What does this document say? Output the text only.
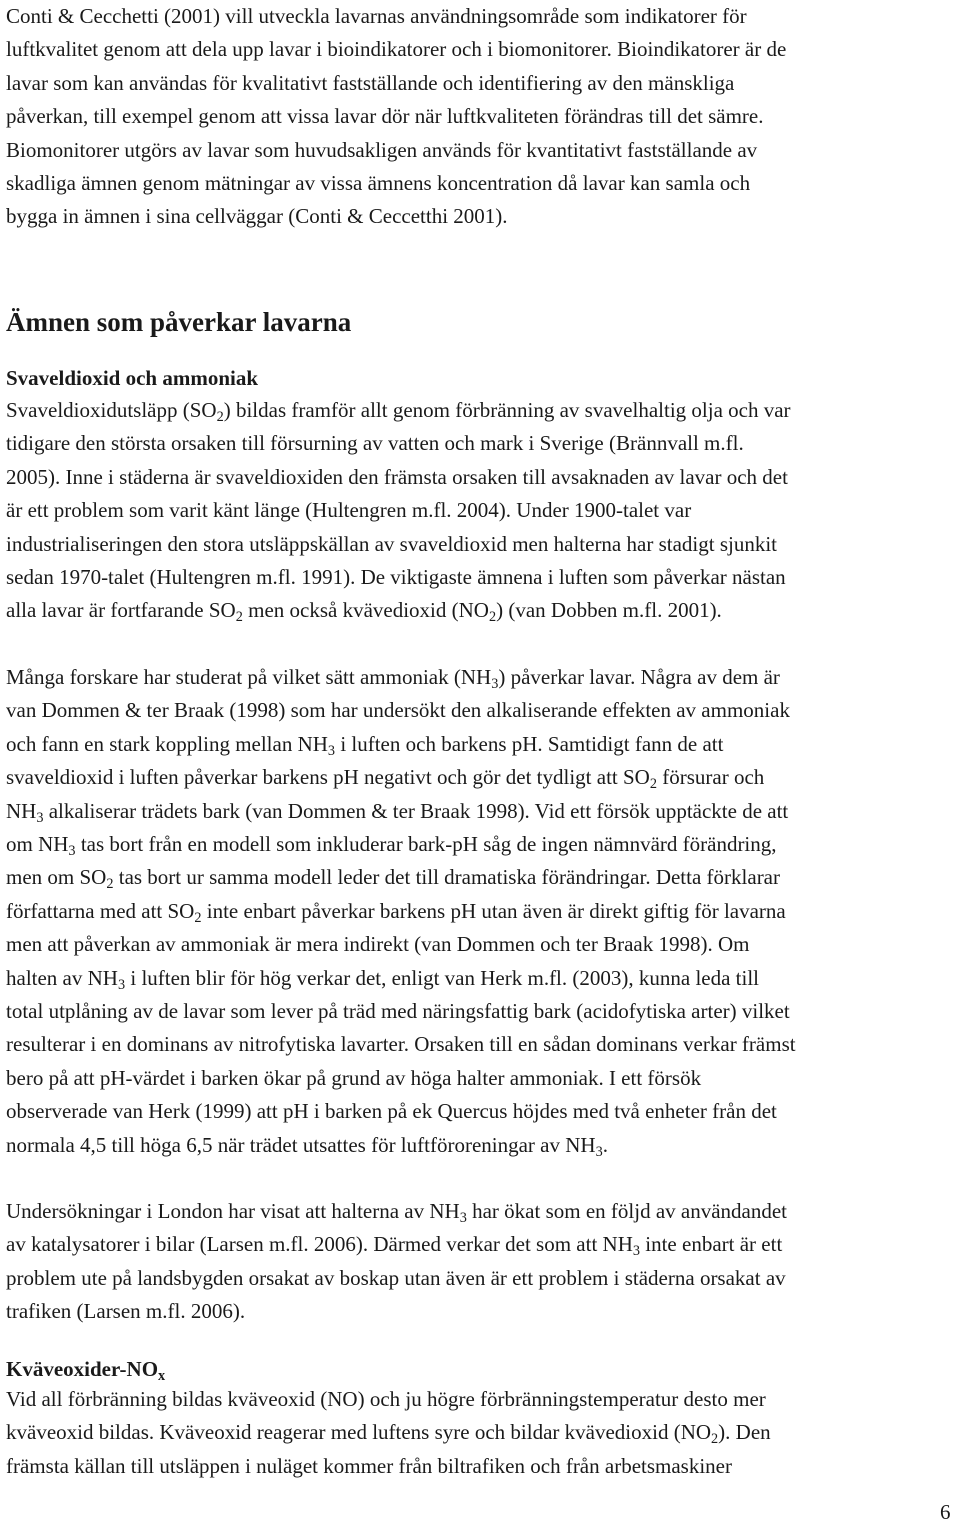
Conti & Cecchetti (2001) vill utveckla lavarnas användningsområde som indikatorer för
luftkvalitet genom att dela upp lavar i bioindikatorer och i biomonitorer. Bioindikatorer är de
lavar som kan användas för kvalitativt fastställande och identifiering av den mänskliga
påverkan, till exempel genom att vissa lavar dör när luftkvaliteten förändras till det sämre.
Biomonitorer utgörs av lavar som huvudsakligen används för kvantitativt fastställande av
skadliga ämnen genom mätningar av vissa ämnens koncentration då lavar kan samla och
bygga in ämnen i sina cellväggar (Conti & Ceccetthi 2001).

Ämnen som påverkar lavarna
Svaveldioxid och ammoniak

Svaveldioxidutsläpp $(SO_2)$ bildas framför allt genom förbränning av svavelhaltig olja och var
tidigare den största orsaken till försurning av vatten och mark i Sverige (Brännvall m.fl.
2005). Inne i städerna är svaveldioxiden den främsta orsaken till avsaknaden av lavar och det
är ett problem som varit känt länge (Hultengren m.fl. 2004). Under 1900-talet var
industrialiseringen den stora utsläppskällan av svaveldioxid men halterna har stadigt sjunkit
sedan 1970-talet (Hultengren m.fl. 1991). De viktigaste ämnena i luften som påverkar nästan
alla lavar är fortfarande $SO_2$ men också kvävedioxid $(NO_2)$ (van Dobben m.fl. 2001).

Många forskare har studerat på vilket sätt ammoniak $(NH_3)$ påverkar lavar. Några av dem är
van Dommen & ter Braak (1998) som har undersökt den alkaliserande effekten av ammoniak
och fann en stark koppling mellan $NH_3$ i luften och barkens pH. Samtidigt fann de att
svaveldioxid i luften påverkar barkens pH negativt och gör det tydligt att $SO_2$ försurar och
$NH_3$ alkaliserar trädets bark (van Dommen & ter Braak 1998). Vid ett försök upptäckte de att
om $NH_3$ tas bort från en modell som inkluderar bark-pH såg de ingen nämnvärd förändring,
men om $SO_2$ tas bort ur samma modell leder det till dramatiska förändringar. Detta förklarar
författarna med att $SO_2$ inte enbart påverkar barkens pH utan även är direkt giftig för lavarna
men att påverkan av ammoniak är mera indirekt (van Dommen och ter Braak 1998). Om
halten av $NH_3$ i luften blir för hög verkar det, enligt van Herk m.fl. (2003), kunna leda till
total utplåning av de lavar som lever på träd med näringsfattig bark (acidofytiska arter) vilket
resulterar i en dominans av nitrofytiska lavarter. Orsaken till en sådan dominans verkar främst
bero på att pH-värdet i barken ökar på grund av höga halter ammoniak. I ett försök
observerade van Herk (1999) att pH i barken på ek Quercus höjdes med två enheter från det
normala 4,5 till höga 6,5 när trädet utsattes för luftföroreningar av $NH_3$.

Undersökningar i London har visat att halterna av $NH_3$ har ökat som en följd av användandet
av katalysatorer i bilar (Larsen m.fl. 2006). Därmed verkar det som att $NH_3$ inte enbart är ett
problem ute på landsbygden orsakat av boskap utan även är ett problem i städerna orsakat av
trafiken (Larsen m.fl. 2006).

Kväveoxider-$NO_x$

Vid all förbränning bildas kväveoxid (NO) och ju högre förbränningstemperatur desto mer
kväveoxid bildas. Kväveoxid reagerar med luftens syre och bildar kvävedioxid $(NO_2)$. Den
främsta källan till utsläppen i nuläget kommer från biltrafiken och från arbetsmaskiner

6
